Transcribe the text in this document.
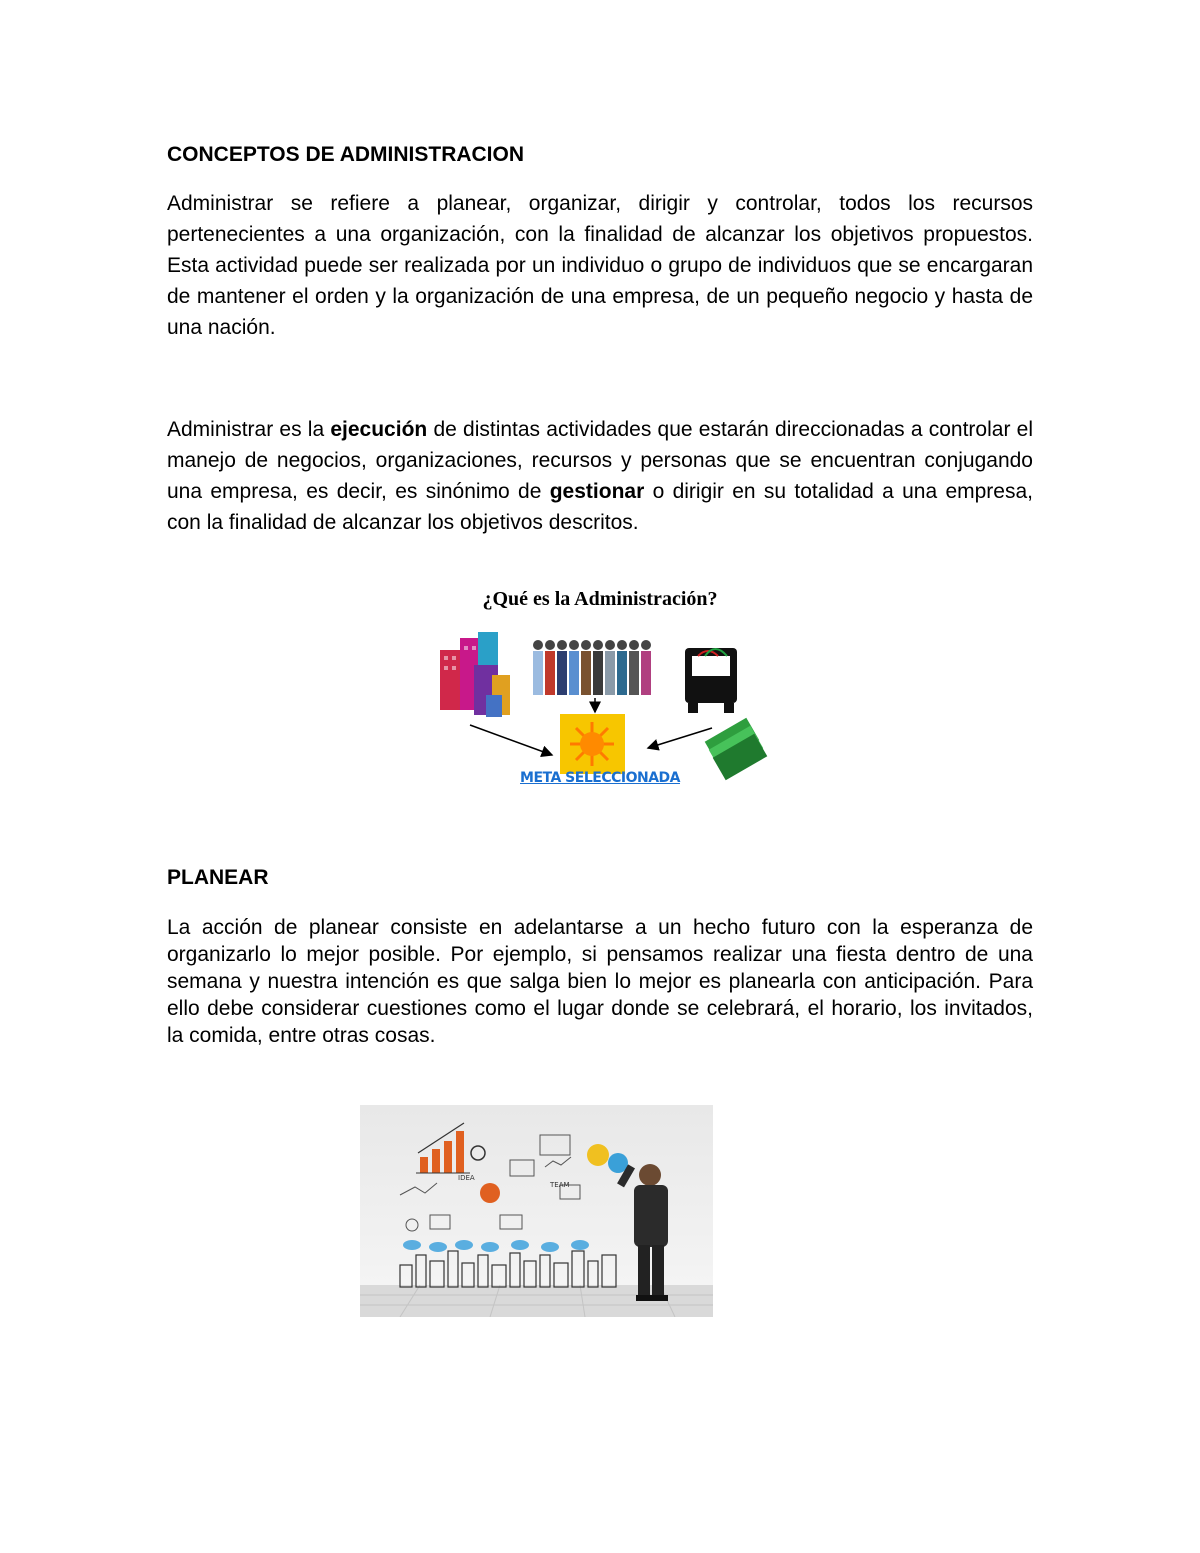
CONCEPTOS DE ADMINISTRACION

Administrar se refiere a planear, organizar, dirigir y controlar, todos los recursos pertenecientes a una organización, con la finalidad de alcanzar los objetivos propuestos. Esta actividad puede ser realizada por un individuo o grupo de individuos que se encargaran de mantener el orden y la organización de una empresa, de un pequeño negocio y hasta de una nación.

Administrar es la ejecución de distintas actividades que estarán direccionadas a controlar el manejo de negocios, organizaciones, recursos y personas que se encuentran conjugando una empresa, es decir, es sinónimo de gestionar o dirigir en su totalidad a una empresa, con la finalidad de alcanzar los objetivos descritos.

¿Qué es la Administración?

META SELECCIONADA
PLANEAR

La acción de planear consiste en adelantarse a un hecho futuro con la esperanza de organizarlo lo mejor posible. Por ejemplo, si pensamos realizar una fiesta dentro de una semana y nuestra intención es que salga bien lo mejor es planearla con anticipación. Para ello debe considerar cuestiones como el lugar donde se celebrará, el horario, los invitados, la comida, entre otras cosas.

IDEA
TEAM
